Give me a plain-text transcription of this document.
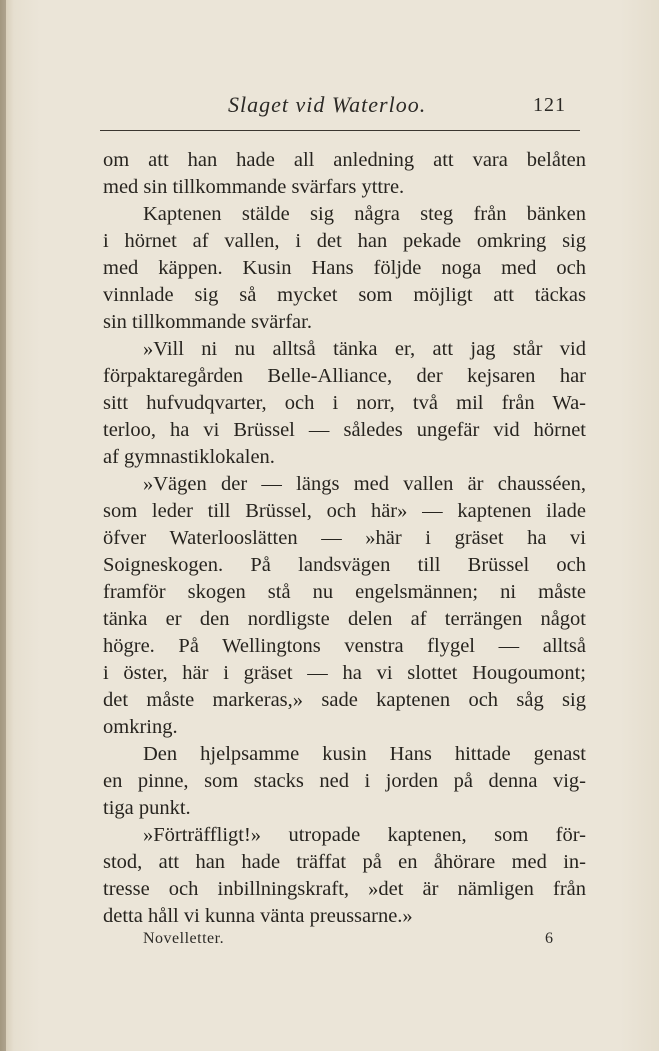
Slaget vid Waterloo.	121
om att han hade all anledning att vara belåten
med sin tillkommande svärfars yttre.
Kaptenen stälde sig några steg från bänken
i hörnet af vallen, i det han pekade omkring sig
med käppen. Kusin Hans följde noga med och
vinnlade sig så mycket som möjligt att täckas
sin tillkommande svärfar.
»Vill ni nu alltså tänka er, att jag står vid
förpaktaregården Belle-Alliance, der kejsaren har
sitt hufvudqvarter, och i norr, två mil från Wa-
terloo, ha vi Brüssel — således ungefär vid hörnet
af gymnastiklokalen.
»Vägen der — längs med vallen är chausséen,
som leder till Brüssel, och här» — kaptenen ilade
öfver Waterlooslätten — »här i gräset ha vi
Soigneskogen. På landsvägen till Brüssel och
framför skogen stå nu engelsmännen; ni måste
tänka er den nordligste delen af terrängen något
högre. På Wellingtons venstra flygel — alltså
i öster, här i gräset — ha vi slottet Hougoumont;
det måste markeras,» sade kaptenen och såg sig
omkring.
Den hjelpsamme kusin Hans hittade genast
en pinne, som stacks ned i jorden på denna vig-
tiga punkt.
»Förträffligt!» utropade kaptenen, som för-
stod, att han hade träffat på en åhörare med in-
tresse och inbillningskraft, »det är nämligen från
detta håll vi kunna vänta preussarne.»
Novelletter.	6
